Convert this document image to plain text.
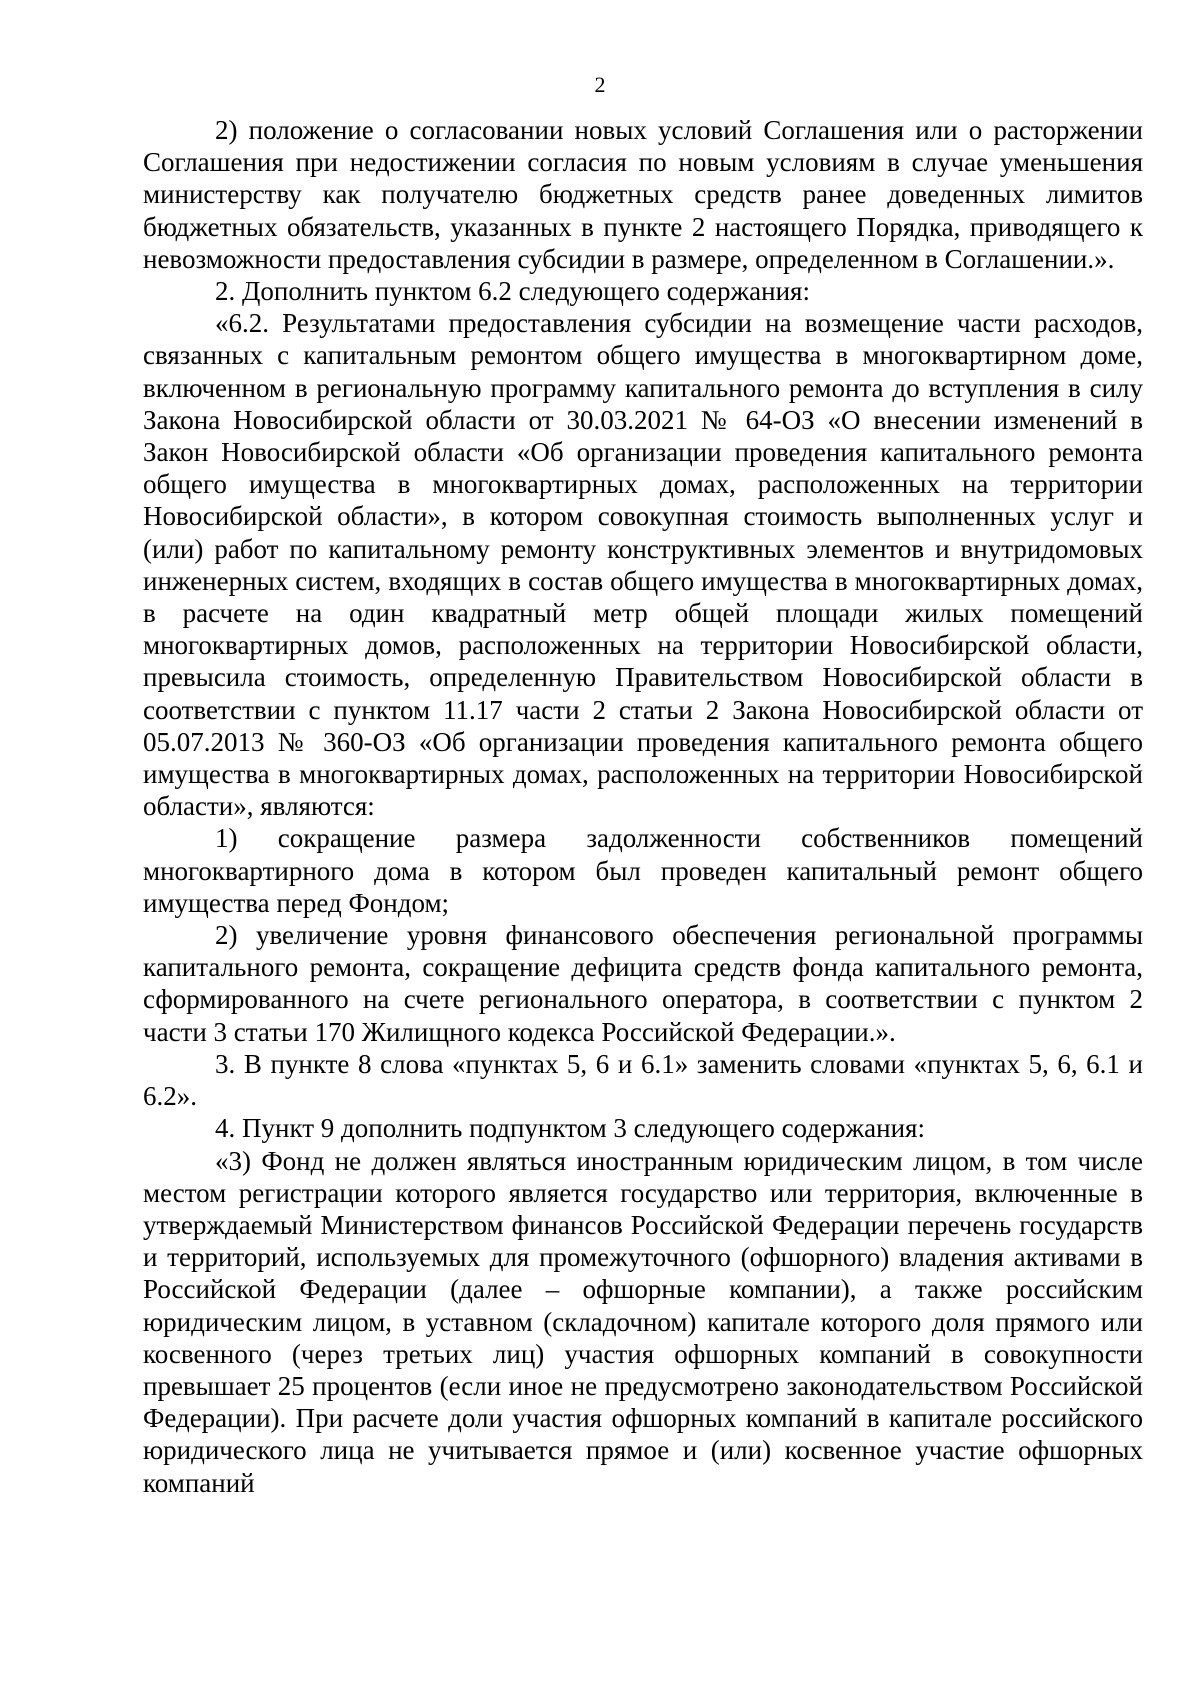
2

2) положение о согласовании новых условий Соглашения или о расторжении Соглашения при недостижении согласия по новым условиям в случае уменьшения министерству как получателю бюджетных средств ранее доведенных лимитов бюджетных обязательств, указанных в пункте 2 настоящего Порядка, приводящего к невозможности предоставления субсидии в размере, определенном в Соглашении.».

2. Дополнить пунктом 6.2 следующего содержания:

«6.2. Результатами предоставления субсидии на возмещение части расходов, связанных с капитальным ремонтом общего имущества в многоквартирном доме, включенном в региональную программу капитального ремонта до вступления в силу Закона Новосибирской области от 30.03.2021 № 64-ОЗ «О внесении изменений в Закон Новосибирской области «Об организации проведения капитального ремонта общего имущества в многоквартирных домах, расположенных на территории Новосибирской области», в котором совокупная стоимость выполненных услуг и (или) работ по капитальному ремонту конструктивных элементов и внутридомовых инженерных систем, входящих в состав общего имущества в многоквартирных домах, в расчете на один квадратный метр общей площади жилых помещений многоквартирных домов, расположенных на территории Новосибирской области, превысила стоимость, определенную Правительством Новосибирской области в соответствии с пунктом 11.17 части 2 статьи 2 Закона Новосибирской области от 05.07.2013 № 360-ОЗ «Об организации проведения капитального ремонта общего имущества в многоквартирных домах, расположенных на территории Новосибирской области», являются:

1) сокращение размера задолженности собственников помещений многоквартирного дома в котором был проведен капитальный ремонт общего имущества перед Фондом;

2) увеличение уровня финансового обеспечения региональной программы капитального ремонта, сокращение дефицита средств фонда капитального ремонта, сформированного на счете регионального оператора, в соответствии с пунктом 2 части 3 статьи 170 Жилищного кодекса Российской Федерации.».

3. В пункте 8 слова «пунктах 5, 6 и 6.1» заменить словами «пунктах 5, 6, 6.1 и 6.2».

4. Пункт 9 дополнить подпунктом 3 следующего содержания:

«3) Фонд не должен являться иностранным юридическим лицом, в том числе местом регистрации которого является государство или территория, включенные в утверждаемый Министерством финансов Российской Федерации перечень государств и территорий, используемых для промежуточного (офшорного) владения активами в Российской Федерации (далее – офшорные компании), а также российским юридическим лицом, в уставном (складочном) капитале которого доля прямого или косвенного (через третьих лиц) участия офшорных компаний в совокупности превышает 25 процентов (если иное не предусмотрено законодательством Российской Федерации). При расчете доли участия офшорных компаний в капитале российского юридического лица не учитывается прямое и (или) косвенное участие офшорных компаний
